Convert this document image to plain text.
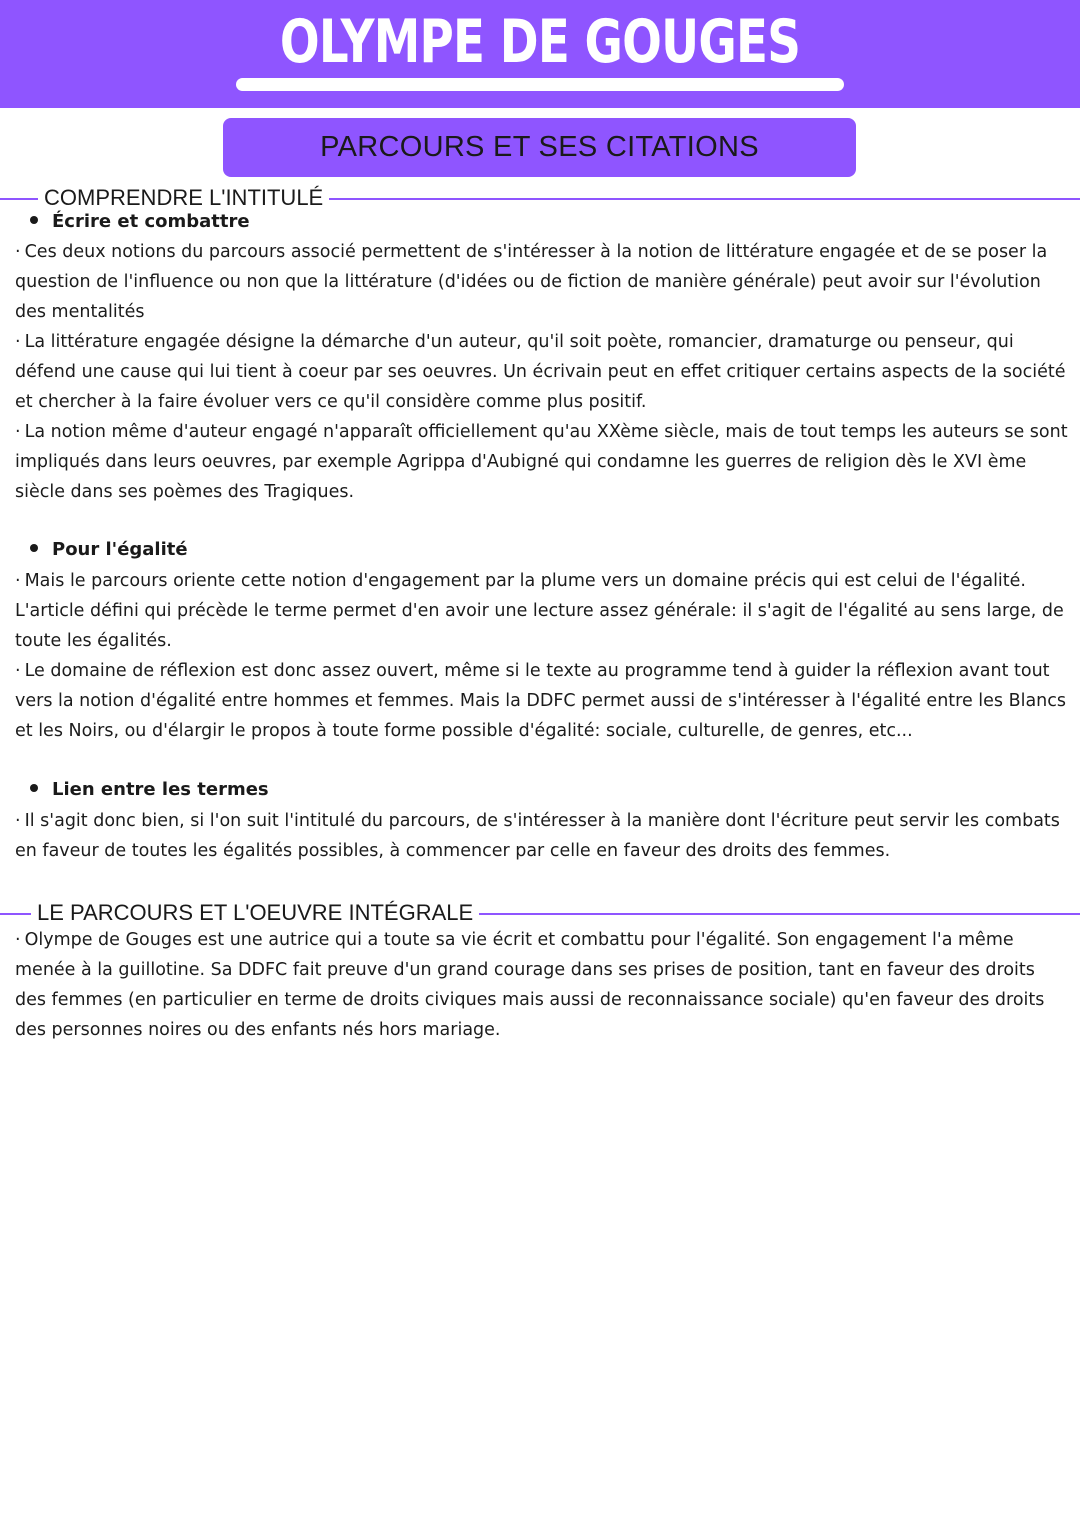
OLYMPE DE GOUGES
PARCOURS ET SES CITATIONS
COMPRENDRE L'INTITULÉ
Écrire et combattre
· Ces deux notions du parcours associé permettent de s'intéresser à la notion de littérature engagée et de se poser la question de l'influence ou non que la littérature (d'idées ou de fiction de manière générale) peut avoir sur l'évolution des mentalités
· La littérature engagée désigne la démarche d'un auteur, qu'il soit poète, romancier, dramaturge ou penseur, qui défend une cause qui lui tient à coeur par ses oeuvres. Un écrivain peut en effet critiquer certains aspects de la société et chercher à la faire évoluer vers ce qu'il considère comme plus positif.
· La notion même d'auteur engagé n'apparaît officiellement qu'au XXème siècle, mais de tout temps les auteurs se sont impliqués dans leurs oeuvres, par exemple Agrippa d'Aubigné qui condamne les guerres de religion dès le XVI ème siècle dans ses poèmes des Tragiques.
Pour l'égalité
· Mais le parcours oriente cette notion d'engagement par la plume vers un domaine précis qui est celui de l'égalité. L'article défini qui précède le terme permet d'en avoir une lecture assez générale: il s'agit de l'égalité au sens large, de toute les égalités.
· Le domaine de réflexion est donc assez ouvert, même si le texte au programme tend à guider la réflexion avant tout vers la notion d'égalité entre hommes et femmes. Mais la DDFC permet aussi de s'intéresser à l'égalité entre les Blancs et les Noirs, ou d'élargir le propos à toute forme possible d'égalité: sociale, culturelle, de genres, etc...
Lien entre les termes
· Il s'agit donc bien, si l'on suit l'intitulé du parcours, de s'intéresser à la manière dont l'écriture peut servir les combats en faveur de toutes les égalités possibles, à commencer par celle en faveur des droits des femmes.
LE PARCOURS ET L'OEUVRE INTÉGRALE
· Olympe de Gouges est une autrice qui a toute sa vie écrit et combattu pour l'égalité. Son engagement l'a même menée à la guillotine. Sa DDFC fait preuve d'un grand courage dans ses prises de position, tant en faveur des droits des femmes (en particulier en terme de droits civiques mais aussi de reconnaissance sociale) qu'en faveur des droits des personnes noires ou des enfants nés hors mariage.
